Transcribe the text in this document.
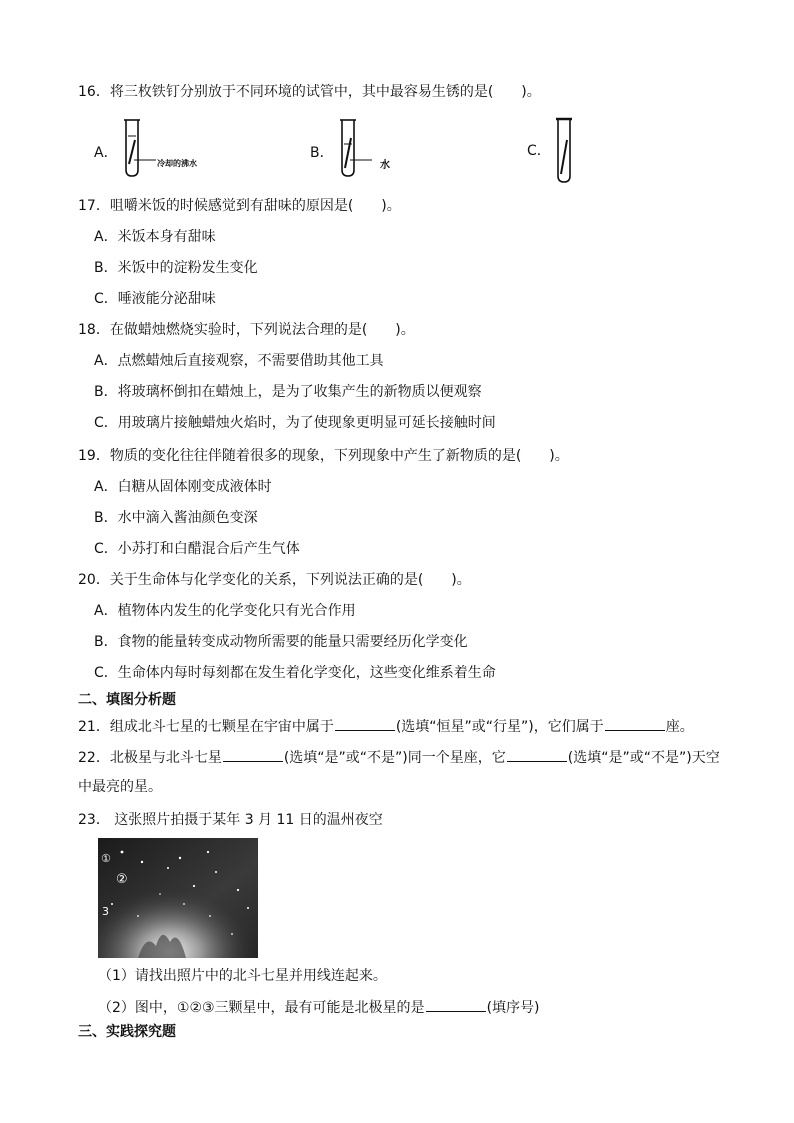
16．将三枚铁钉分别放于不同环境的试管中，其中最容易生锈的是(　　)。
A．
冷却的沸水
B．
水
C．
17．咀嚼米饭的时候感觉到有甜味的原因是(　　)。
A．米饭本身有甜味
B．米饭中的淀粉发生变化
C．唾液能分泌甜味
18．在做蜡烛燃烧实验时，下列说法合理的是(　　)。
A．点燃蜡烛后直接观察，不需要借助其他工具
B．将玻璃杯倒扣在蜡烛上，是为了收集产生的新物质以便观察
C．用玻璃片接触蜡烛火焰时，为了使现象更明显可延长接触时间
19．物质的变化往往伴随着很多的现象，下列现象中产生了新物质的是(　　)。
A．白糖从固体刚变成液体时
B．水中滴入酱油颜色变深
C．小苏打和白醋混合后产生气体
20．关于生命体与化学变化的关系，下列说法正确的是(　　)。
A．植物体内发生的化学变化只有光合作用
B．食物的能量转变成动物所需要的能量只需要经历化学变化
C．生命体内每时每刻都在发生着化学变化，这些变化维系着生命
二、填图分析题
21．组成北斗七星的七颗星在宇宙中属于	(选填“恒星”或“行星”)，它们属于	座。
22．北极星与北斗七星	(选填“是”或“不是”)同一个星座，它	(选填“是”或“不是”)天空
中最亮的星。
23． 这张照片拍摄于某年 3 月 11 日的温州夜空
①
②
3
（1）请找出照片中的北斗七星并用线连起来。
（2）图中，①②③三颗星中，最有可能是北极星的是	(填序号)
三、实践探究题
